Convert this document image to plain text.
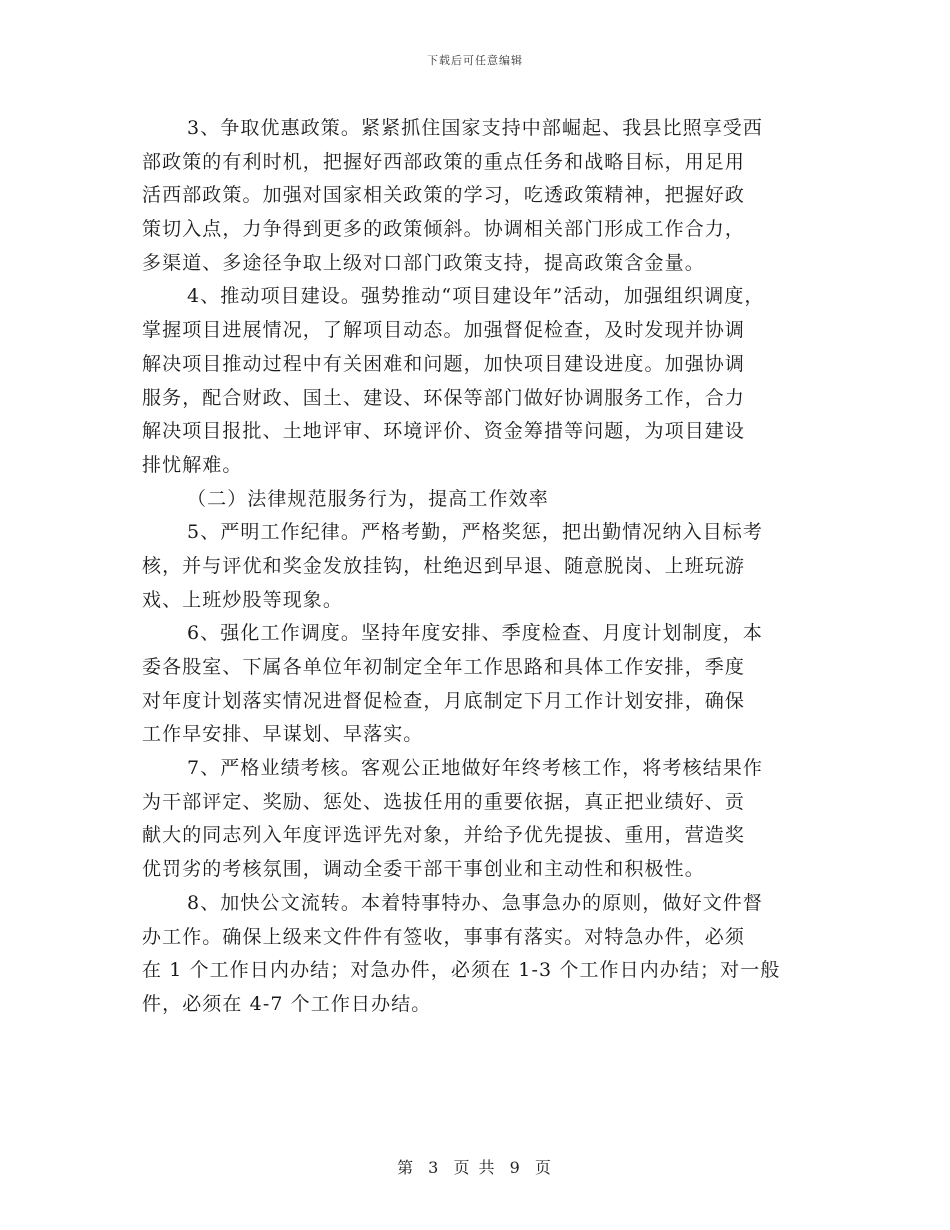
下载后可任意编辑
3、争取优惠政策。紧紧抓住国家支持中部崛起、我县比照享受西
部政策的有利时机，把握好西部政策的重点任务和战略目标，用足用
活西部政策。加强对国家相关政策的学习，吃透政策精神，把握好政
策切入点，力争得到更多的政策倾斜。协调相关部门形成工作合力，
多渠道、多途径争取上级对口部门政策支持，提高政策含金量。
4、推动项目建设。强势推动“项目建设年”活动，加强组织调度，
掌握项目进展情况，了解项目动态。加强督促检查，及时发现并协调
解决项目推动过程中有关困难和问题，加快项目建设进度。加强协调
服务，配合财政、国土、建设、环保等部门做好协调服务工作，合力
解决项目报批、土地评审、环境评价、资金筹措等问题，为项目建设
排忧解难。
（二）法律规范服务行为，提高工作效率
5、严明工作纪律。严格考勤，严格奖惩，把出勤情况纳入目标考
核，并与评优和奖金发放挂钩，杜绝迟到早退、随意脱岗、上班玩游
戏、上班炒股等现象。
6、强化工作调度。坚持年度安排、季度检查、月度计划制度，本
委各股室、下属各单位年初制定全年工作思路和具体工作安排，季度
对年度计划落实情况进督促检查，月底制定下月工作计划安排，确保
工作早安排、早谋划、早落实。
7、严格业绩考核。客观公正地做好年终考核工作，将考核结果作
为干部评定、奖励、惩处、选拔任用的重要依据，真正把业绩好、贡
献大的同志列入年度评选评先对象，并给予优先提拔、重用，营造奖
优罚劣的考核氛围，调动全委干部干事创业和主动性和积极性。
8、加快公文流转。本着特事特办、急事急办的原则，做好文件督
办工作。确保上级来文件件有签收，事事有落实。对特急办件，必须
在 1 个工作日内办结；对急办件，必须在 1-3 个工作日内办结；对一般
件，必须在 4-7 个工作日办结。
第 3 页 共 9 页
